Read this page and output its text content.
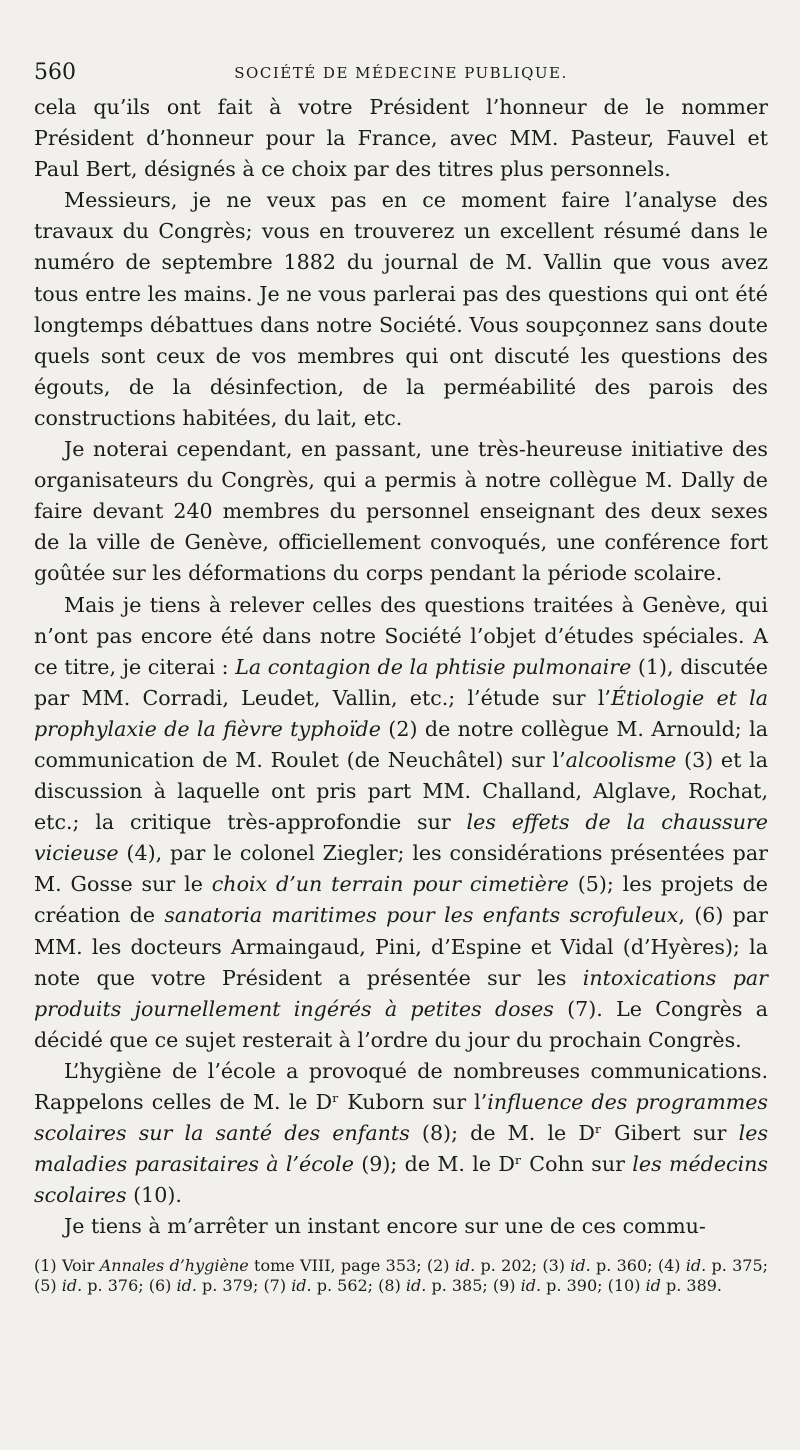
560	SOCIÉTÉ DE MÉDECINE PUBLIQUE.

cela qu’ils ont fait à votre Président l’honneur de le nommer Président d’honneur pour la France, avec MM. Pasteur, Fauvel et Paul Bert, désignés à ce choix par des titres plus personnels.

Messieurs, je ne veux pas en ce moment faire l’analyse des travaux du Congrès; vous en trouverez un excellent résumé dans le numéro de septembre 1882 du journal de M. Vallin que vous avez tous entre les mains. Je ne vous parlerai pas des questions qui ont été longtemps débattues dans notre Société. Vous soupçonnez sans doute quels sont ceux de vos membres qui ont discuté les questions des égouts, de la désinfection, de la perméabilité des parois des constructions habitées, du lait, etc.

Je noterai cependant, en passant, une très-heureuse initiative des organisateurs du Congrès, qui a permis à notre collègue M. Dally de faire devant 240 membres du personnel enseignant des deux sexes de la ville de Genève, officiellement convoqués, une conférence fort goûtée sur les déformations du corps pendant la période scolaire.

Mais je tiens à relever celles des questions traitées à Genève, qui n’ont pas encore été dans notre Société l’objet d’études spéciales. A ce titre, je citerai : La contagion de la phtisie pulmonaire (1), discutée par MM. Corradi, Leudet, Vallin, etc.; l’étude sur l’Étiologie et la prophylaxie de la fièvre typhoïde (2) de notre collègue M. Arnould; la communication de M. Roulet (de Neuchâtel) sur l’alcoolisme (3) et la discussion à laquelle ont pris part MM. Challand, Alglave, Rochat, etc.; la critique très-approfondie sur les effets de la chaussure vicieuse (4), par le colonel Ziegler; les considérations présentées par M. Gosse sur le choix d’un terrain pour cimetière (5); les projets de création de sanatoria maritimes pour les enfants scrofuleux, (6) par MM. les docteurs Armaingaud, Pini, d’Espine et Vidal (d’Hyères); la note que votre Président a présentée sur les intoxications par produits journellement ingérés à petites doses (7). Le Congrès a décidé que ce sujet resterait à l’ordre du jour du prochain Congrès.

L’hygiène de l’école a provoqué de nombreuses communications. Rappelons celles de M. le Dʳ Kuborn sur l’influence des programmes scolaires sur la santé des enfants (8); de M. le Dʳ Gibert sur les maladies parasitaires à l’école (9); de M. le Dʳ Cohn sur les médecins scolaires (10).

Je tiens à m’arrêter un instant encore sur une de ces commu-

(1) Voir Annales d’hygiène tome VIII, page 353; (2) id. p. 202; (3) id. p. 360; (4) id. p. 375; (5) id. p. 376; (6) id. p. 379; (7) id. p. 562; (8) id. p. 385; (9) id. p. 390; (10) id p. 389.
